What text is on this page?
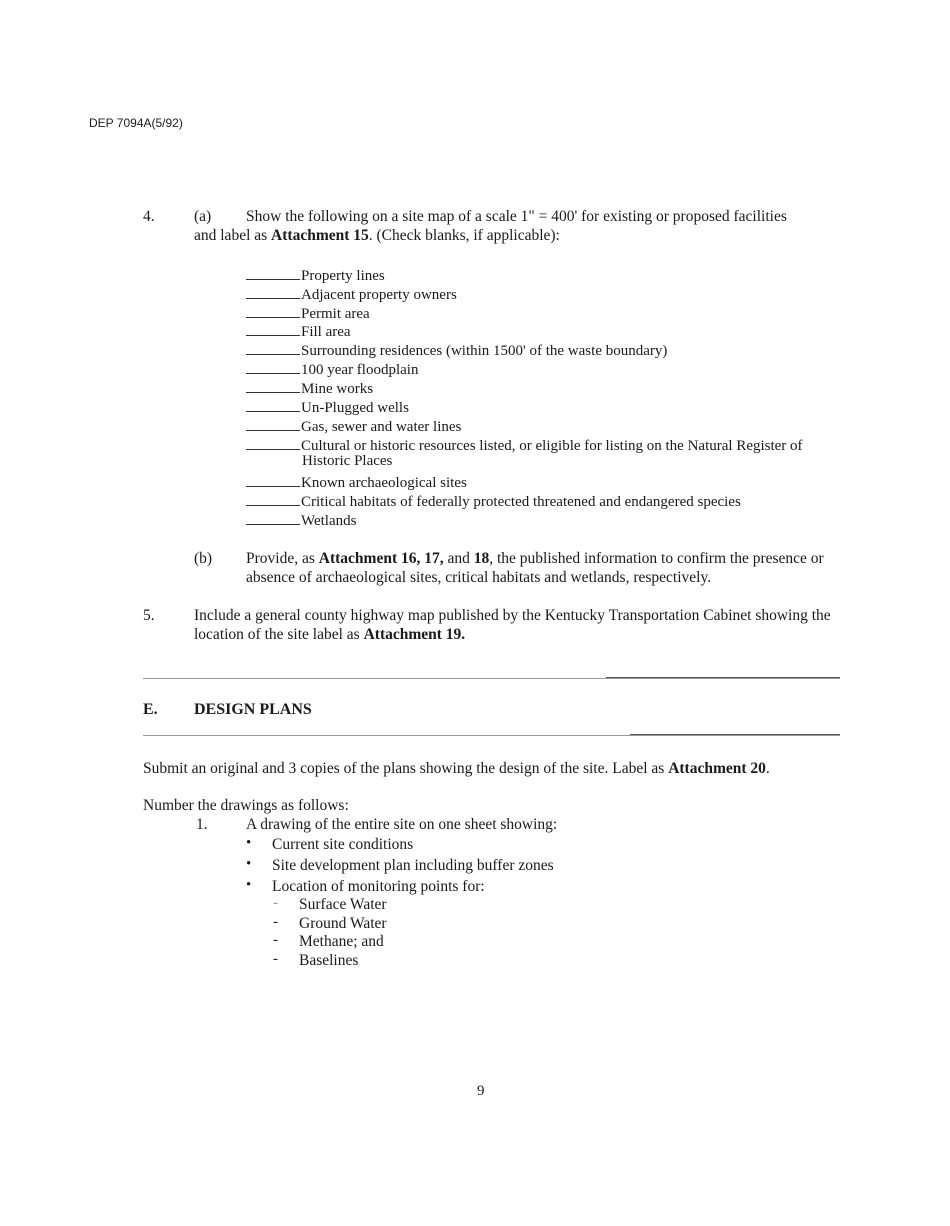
DEP 7094A(5/92)
4.	(a) Show the following on a site map of a scale 1" = 400' for existing or proposed facilities
and label as Attachment 15. (Check blanks, if applicable):
Property lines
Adjacent property owners
Permit area
Fill area
Surrounding residences (within 1500' of the waste boundary)
100 year floodplain
Mine works
Un-Plugged wells
Gas, sewer and water lines
Cultural or historic resources listed, or eligible for listing on the Natural Register of
Historic Places
Known archaeological sites
Critical habitats of federally protected threatened and endangered species
Wetlands
(b) Provide, as Attachment 16, 17, and 18, the published information to confirm the presence or
absence of archaeological sites, critical habitats and wetlands, respectively.
5.	Include a general county highway map published by the Kentucky Transportation Cabinet showing the
location of the site label as Attachment 19.
E. DESIGN PLANS
Submit an original and 3 copies of the plans showing the design of the site. Label as Attachment 20.
Number the drawings as follows:
1. A drawing of the entire site on one sheet showing:
• Current site conditions
• Site development plan including buffer zones
• Location of monitoring points for:
- Surface Water
- Ground Water
- Methane; and
- Baselines
9
